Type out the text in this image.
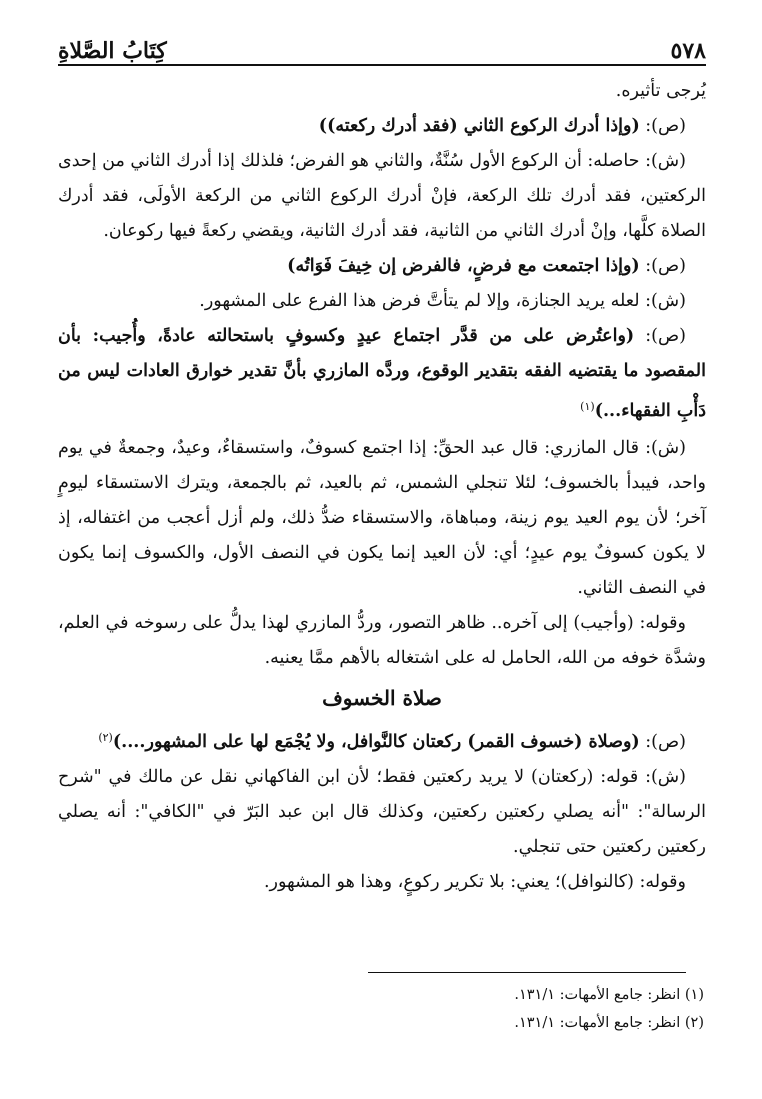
٥٧٨
كِتَابُ الصَّلاةِ

يُرجى تأثيره.

(ص): (وإذا أدرك الركوع الثاني (فقد أدرك ركعته))

(ش): حاصله: أن الركوع الأول سُنَّةٌ، والثاني هو الفرض؛ فلذلك إذا أدرك الثاني من إحدى الركعتين، فقد أدرك تلك الركعة، فإنْ أدرك الركوع الثاني من الركعة الأولَى، فقد أدرك الصلاة كلَّها، وإنْ أدرك الثاني من الثانية، فقد أدرك الثانية، ويقضي ركعةً فيها ركوعان.

(ص): (وإذا اجتمعت مع فرضٍ، فالفرض إن خِيفَ فَوَاتُه)

(ش): لعله يريد الجنازة، وإلا لم يتأتَّ فرض هذا الفرع على المشهور.

(ص): (واعتُرض على من قدَّر اجتماع عيدٍ وكسوفٍ باستحالته عادةً، وأُجيب: بأن المقصود ما يقتضيه الفقه بتقدير الوقوع، وردَّه المازري بأنَّ تقدير خوارق العادات ليس من دَأْبِ الفقهاء...)$^{(١)}$

(ش): قال المازري: قال عبد الحقِّ: إذا اجتمع كسوفٌ، واستسقاءٌ، وعيدٌ، وجمعةٌ في يوم واحد، فيبدأ بالخسوف؛ لئلا تنجلي الشمس، ثم بالعيد، ثم بالجمعة، ويترك الاستسقاء ليومٍ آخر؛ لأن يوم العيد يوم زينة، ومباهاة، والاستسقاء ضدُّ ذلك، ولم أزل أعجب من اغتفاله، إذ لا يكون كسوفٌ يوم عيدٍ؛ أي: لأن العيد إنما يكون في النصف الأول، والكسوف إنما يكون في النصف الثاني.

وقوله: (وأجيب) إلى آخره.. ظاهر التصور، وردُّ المازري لهذا يدلُّ على رسوخه في العلم، وشدَّة خوفه من الله، الحامل له على اشتغاله بالأهم ممَّا يعنيه.

صلاة الخسوف

(ص): (وصلاة (خسوف القمر) ركعتان كالنَّوافل، ولا يُجْمَع لها على المشهور....)$^{(٢)}$

(ش): قوله: (ركعتان) لا يريد ركعتين فقط؛ لأن ابن الفاكهاني نقل عن مالك في "شرح الرسالة": "أنه يصلي ركعتين ركعتين، وكذلك قال ابن عبد البَرّ في "الكافي": أنه يصلي ركعتين ركعتين حتى تنجلي.

وقوله: (كالنوافل)؛ يعني: بلا تكرير ركوعٍ، وهذا هو المشهور.

(١) انظر: جامع الأمهات: ١٣١/١.
(٢) انظر: جامع الأمهات: ١٣١/١.
